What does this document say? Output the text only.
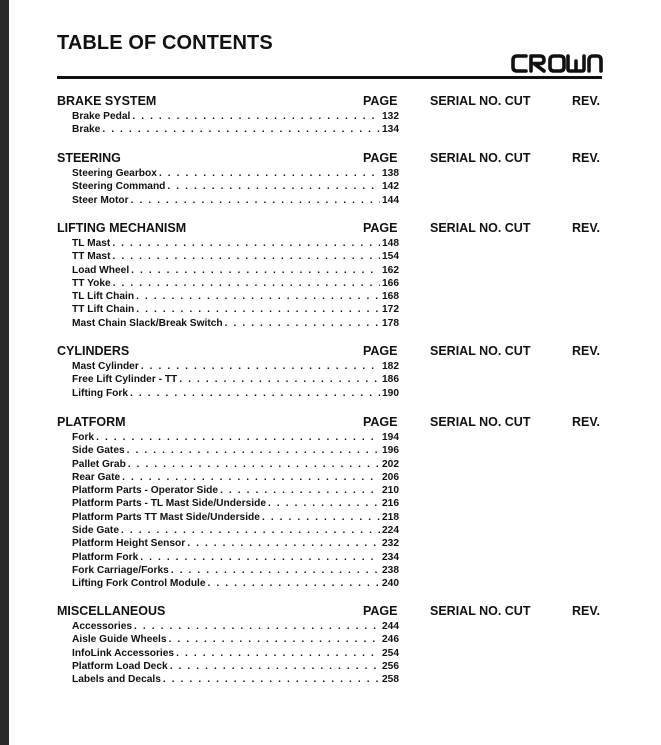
TABLE OF CONTENTS
BRAKE SYSTEM	PAGE	SERIAL NO. CUT	REV.
Brake Pedal . . .	132
Brake . . .	134
STEERING	PAGE	SERIAL NO. CUT	REV.
Steering Gearbox . . .	138
Steering Command . . .	142
Steer Motor . . .	144
LIFTING MECHANISM	PAGE	SERIAL NO. CUT	REV.
TL Mast . . .	148
TT Mast . . .	154
Load Wheel . . .	162
TT Yoke . . .	166
TL Lift Chain . . .	168
TT Lift Chain . . .	172
Mast Chain Slack/Break Switch . . .	178
CYLINDERS	PAGE	SERIAL NO. CUT	REV.
Mast Cylinder . . .	182
Free Lift Cylinder - TT . . .	186
Lifting Fork . . .	190
PLATFORM	PAGE	SERIAL NO. CUT	REV.
Fork . . .	194
Side Gates . . .	196
Pallet Grab . . .	202
Rear Gate . . .	206
Platform Parts - Operator Side . . .	210
Platform Parts - TL Mast Side/Underside . . .	216
Platform Parts TT Mast Side/Underside . . .	218
Side Gate . . .	224
Platform Height Sensor . . .	232
Platform Fork . . .	234
Fork Carriage/Forks . . .	238
Lifting Fork Control Module . . .	240
MISCELLANEOUS	PAGE	SERIAL NO. CUT	REV.
Accessories . . .	244
Aisle Guide Wheels . . .	246
InfoLink Accessories . . .	254
Platform Load Deck . . .	256
Labels and Decals . . .	258
